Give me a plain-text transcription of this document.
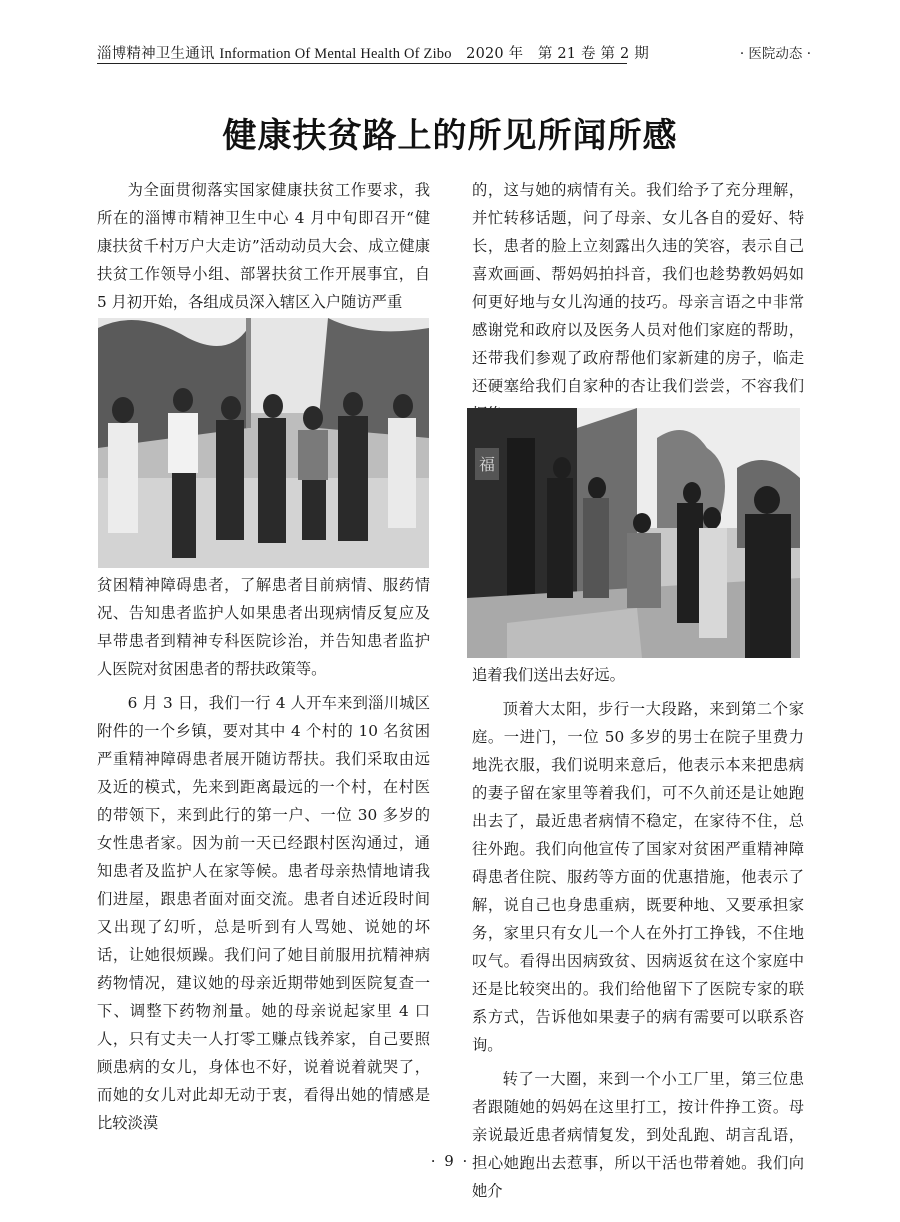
淄博精神卫生通讯 Information Of Mental Health Of Zibo 2020 年 第 21 卷 第 2 期	· 医院动态 ·
健康扶贫路上的所见所闻所感

为全面贯彻落实国家健康扶贫工作要求，我所在的淄博市精神卫生中心 4 月中旬即召开“健康扶贫千村万户大走访”活动动员大会、成立健康扶贫工作领导小组、部署扶贫工作开展事宜，自 5 月初开始，各组成员深入辖区入户随访严重

贫困精神障碍患者，了解患者目前病情、服药情况、告知患者监护人如果患者出现病情反复应及早带患者到精神专科医院诊治，并告知患者监护人医院对贫困患者的帮扶政策等。

6 月 3 日，我们一行 4 人开车来到淄川城区附件的一个乡镇，要对其中 4 个村的 10 名贫困严重精神障碍患者展开随访帮扶。我们采取由远及近的模式，先来到距离最远的一个村，在村医的带领下，来到此行的第一户、一位 30 多岁的女性患者家。因为前一天已经跟村医沟通过，通知患者及监护人在家等候。患者母亲热情地请我们进屋，跟患者面对面交流。患者自述近段时间又出现了幻听，总是听到有人骂她、说她的坏话，让她很烦躁。我们问了她目前服用抗精神病药物情况，建议她的母亲近期带她到医院复查一下、调整下药物剂量。她的母亲说起家里 4 口人，只有丈夫一人打零工赚点钱养家，自己要照顾患病的女儿，身体也不好，说着说着就哭了，而她的女儿对此却无动于衷，看得出她的情感是比较淡漠

的，这与她的病情有关。我们给予了充分理解，并忙转移话题，问了母亲、女儿各自的爱好、特长，患者的脸上立刻露出久违的笑容，表示自己喜欢画画、帮妈妈拍抖音，我们也趁势教妈妈如何更好地与女儿沟通的技巧。母亲言语之中非常感谢党和政府以及医务人员对他们家庭的帮助，还带我们参观了政府帮他们家新建的房子，临走还硬塞给我们自家种的杏让我们尝尝，不容我们

福

追着我们送出去好远。

顶着大太阳，步行一大段路，来到第二个家庭。一进门，一位 50 多岁的男士在院子里费力地洗衣服，我们说明来意后，他表示本来把患病的妻子留在家里等着我们，可不久前还是让她跑出去了，最近患者病情不稳定，在家待不住，总往外跑。我们向他宣传了国家对贫困严重精神障碍患者住院、服药等方面的优惠措施，他表示了解，说自己也身患重病，既要种地、又要承担家务，家里只有女儿一个人在外打工挣钱，不住地叹气。看得出因病致贫、因病返贫在这个家庭中还是比较突出的。我们给他留下了医院专家的联系方式，告诉他如果妻子的病有需要可以联系咨询。

转了一大圈，来到一个小工厂里，第三位患者跟随她的妈妈在这里打工，按计件挣工资。母亲说最近患者病情复发，到处乱跑、胡言乱语，担心她跑出去惹事，所以干活也带着她。我们向她介

· 9 ·
